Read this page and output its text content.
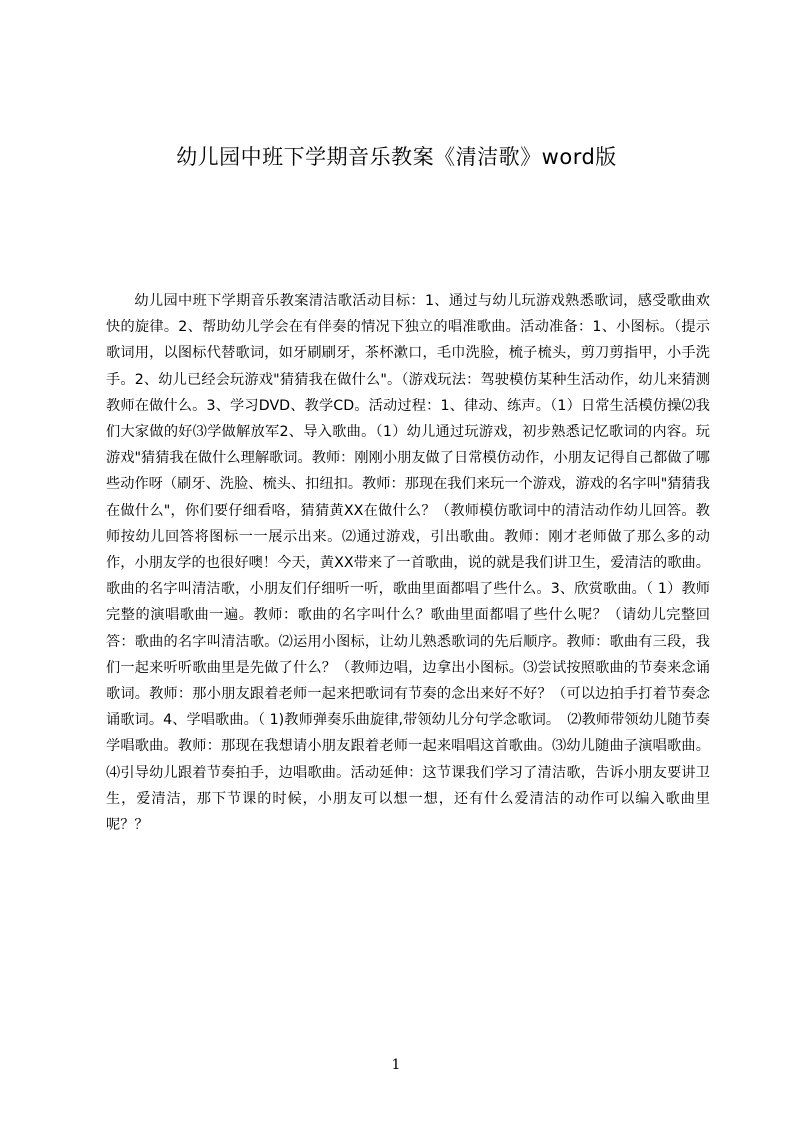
幼儿园中班下学期音乐教案《清洁歌》word版

幼儿园中班下学期音乐教案清洁歌活动目标：1、通过与幼儿玩游戏熟悉歌词，感受歌曲欢快的旋律。2、帮助幼儿学会在有伴奏的情况下独立的唱准歌曲。活动准备：1、小图标。（提示歌词用，以图标代替歌词，如牙刷刷牙，茶杯漱口，毛巾洗脸，梳子梳头，剪刀剪指甲，小手洗手。2、幼儿已经会玩游戏"猜猜我在做什么"。（游戏玩法：驾驶模仿某种生活动作，幼儿来猜测教师在做什么。3、学习DVD、教学CD。活动过程：1、律动、练声。（1）日常生活模仿操⑵我们大家做的好⑶学做解放军2、导入歌曲。（1）幼儿通过玩游戏，初步熟悉记忆歌词的内容。玩游戏"猜猜我在做什么理解歌词。教师：刚刚小朋友做了日常模仿动作，小朋友记得自己都做了哪些动作呀（刷牙、洗脸、梳头、扣纽扣。教师：那现在我们来玩一个游戏，游戏的名字叫"猜猜我在做什么"，你们要仔细看咯，猜猜黄XX在做什么？（教师模仿歌词中的清洁动作幼儿回答。教师按幼儿回答将图标一一展示出来。⑵通过游戏，引出歌曲。教师：刚才老师做了那么多的动作，小朋友学的也很好噢！今天，黄XX带来了一首歌曲，说的就是我们讲卫生，爱清洁的歌曲。歌曲的名字叫清洁歌，小朋友们仔细听一听，歌曲里面都唱了些什么。3、欣赏歌曲。（ 1）教师完整的演唱歌曲一遍。教师：歌曲的名字叫什么？歌曲里面都唱了些什么呢？（请幼儿完整回答：歌曲的名字叫清洁歌。⑵运用小图标，让幼儿熟悉歌词的先后顺序。教师：歌曲有三段，我们一起来听听歌曲里是先做了什么？（教师边唱，边拿出小图标。⑶尝试按照歌曲的节奏来念诵歌词。教师：那小朋友跟着老师一起来把歌词有节奏的念出来好不好？（可以边拍手打着节奏念诵歌词。4、学唱歌曲。（ 1)教师弹奏乐曲旋律,带领幼儿分句学念歌词。　⑵教师带领幼儿随节奏学唱歌曲。教师：那现在我想请小朋友跟着老师一起来唱唱这首歌曲。⑶幼儿随曲子演唱歌曲。⑷引导幼儿跟着节奏拍手，边唱歌曲。活动延伸：这节课我们学习了清洁歌，告诉小朋友要讲卫生，爱清洁，那下节课的时候，小朋友可以想一想，还有什么爱清洁的动作可以编入歌曲里呢？？

1
